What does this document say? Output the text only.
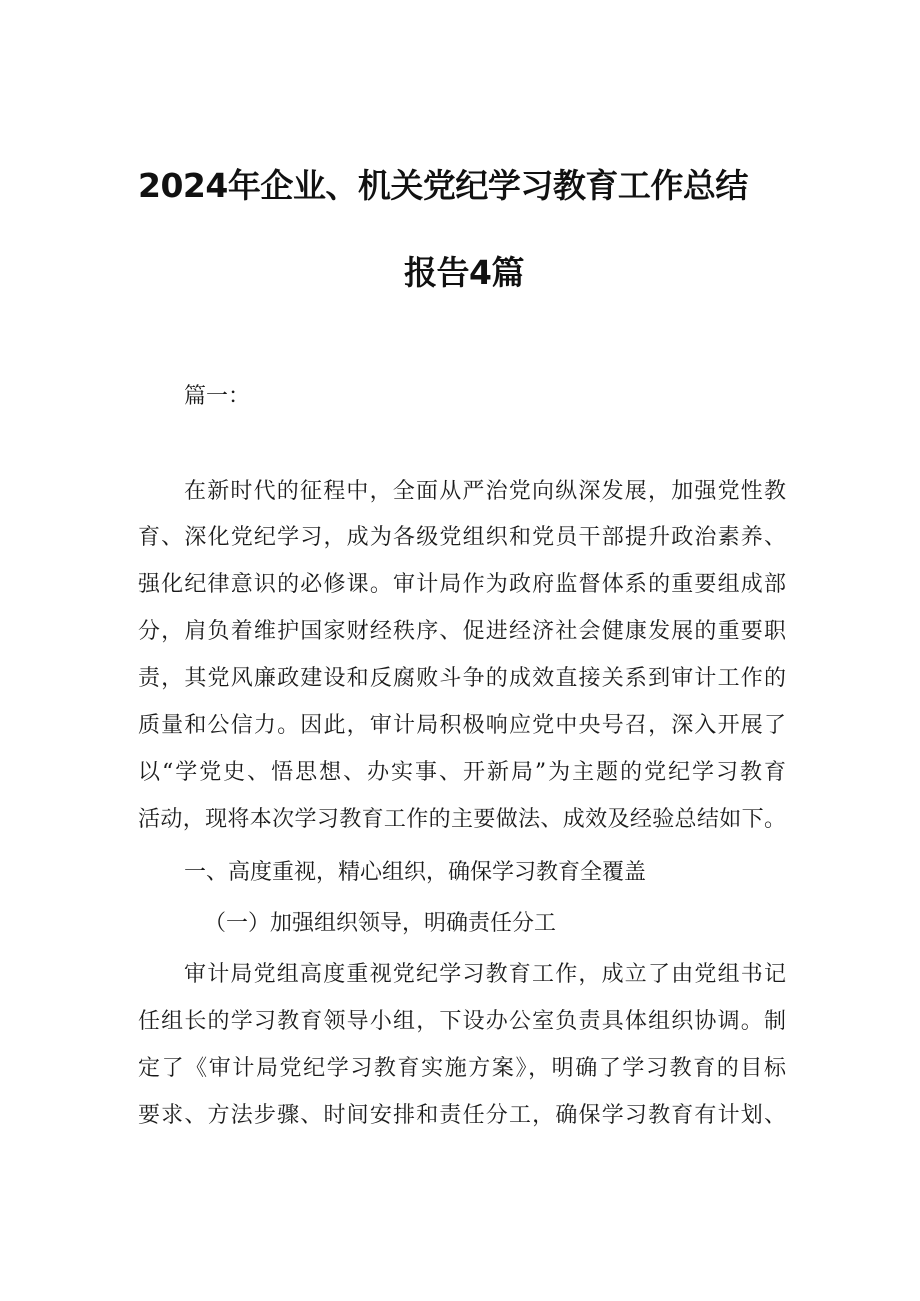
2024年企业、机关党纪学习教育工作总结
报告4篇
篇一：
在新时代的征程中，全面从严治党向纵深发展，加强党性教
育、深化党纪学习，成为各级党组织和党员干部提升政治素养、
强化纪律意识的必修课。审计局作为政府监督体系的重要组成部
分，肩负着维护国家财经秩序、促进经济社会健康发展的重要职
责，其党风廉政建设和反腐败斗争的成效直接关系到审计工作的
质量和公信力。因此，审计局积极响应党中央号召，深入开展了
以“学党史、悟思想、办实事、开新局”为主题的党纪学习教育
活动，现将本次学习教育工作的主要做法、成效及经验总结如下。
一、高度重视，精心组织，确保学习教育全覆盖
（一）加强组织领导，明确责任分工
审计局党组高度重视党纪学习教育工作，成立了由党组书记
任组长的学习教育领导小组，下设办公室负责具体组织协调。制
定了《审计局党纪学习教育实施方案》，明确了学习教育的目标
要求、方法步骤、时间安排和责任分工，确保学习教育有计划、
